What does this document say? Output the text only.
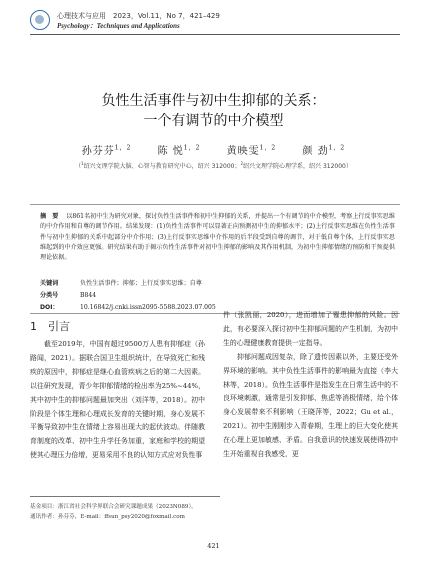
心理技术与应用　 2023，Vol.11，No 7，421–429
Psychology：Techniques and Applications
负性生活事件与初中生抑郁的关系：
一个有调节的中介模型
孙芬芬$^{1,2}$　　	陈 悦$^{1,2}$　　	黄映雯$^{1,2}$　　	颜 劲$^{1,2}$
（$^1$绍兴文理学院大脑、心智与教育研究中心，绍兴 312000；$^2$绍兴文理学院心理学系，绍兴 312000）
摘　要 以861名初中生为研究对象，探讨负性生活事件和初中生抑郁的关系，并提出一个有调节的中介模型，考察上行反事实思维的中介作用和自尊的调节作用。结果发现：(1)负性生活事件可以显著正向预测初中生的抑郁水平；(2)上行反事实思维在负性生活事件与初中生抑郁的关系中起部分中介作用；(3)上行反事实思维中介作用的后半段受到自尊的调节，对于低自尊个体，上行反事实思维起到的中介效应更强。研究结果有助于揭示负性生活事件对初中生抑郁的影响及其作用机制，为初中生抑郁情绪的预防和干预提供理论依据。
关键词	负性生活事件；抑郁；上行反事实思维；自尊
分类号	B844
DOI：	10.16842/j.cnki.issn2095-5588.2023.07.005
1　 引言

截至2019年，中国有超过9500万人患有抑郁症（孙路闻，2021）。据联合国卫生组织统计，在导致死亡和残疾的原因中，抑郁症是继心血管疾病之后的第二大因素。以往研究发现，青少年抑郁情绪的检出率为25%~44%，其中初中生的抑郁问题最加突出（刘洋等，2018）。初中阶段是个体生理和心理成长发育的关键时期，身心发展不平衡导致初中生在情绪上容易出现大的起伏波动。伴随教育制度的改革、初中生升学任务加重，家庭和学校的期望使其心理压力倍增，更易采用不良的认知方式应对负性事

件（张凯丽，2020），进而增加了罹患抑郁的风险。因此，有必要深入探讨初中生抑郁问题的产生机制，为初中生的心理健康教育提供一定指导。

抑郁问题成因复杂，除了遗传因素以外，主要还受外界环境的影响。其中负性生活事件的影响最为直接（李大林等，2018）。负性生活事件是指发生在日常生活中的不良环境刺激，通常是引发抑郁、焦虑等消极情绪，给个体身心发展带来不利影响（王晓萍等，2022；Gu et al.，2021）。初中生刚刚步入青春期，生理上的巨大变化使其在心理上更加敏感、矛盾。自我意识的快速发展使得初中生开始重视自我感受，更

基金项目：浙江省社会科学界联合会研究课题成果（2023N089）。
通讯作者：孙芬芬，E-mail：ffsun_psy2020@foxmail.com
421
